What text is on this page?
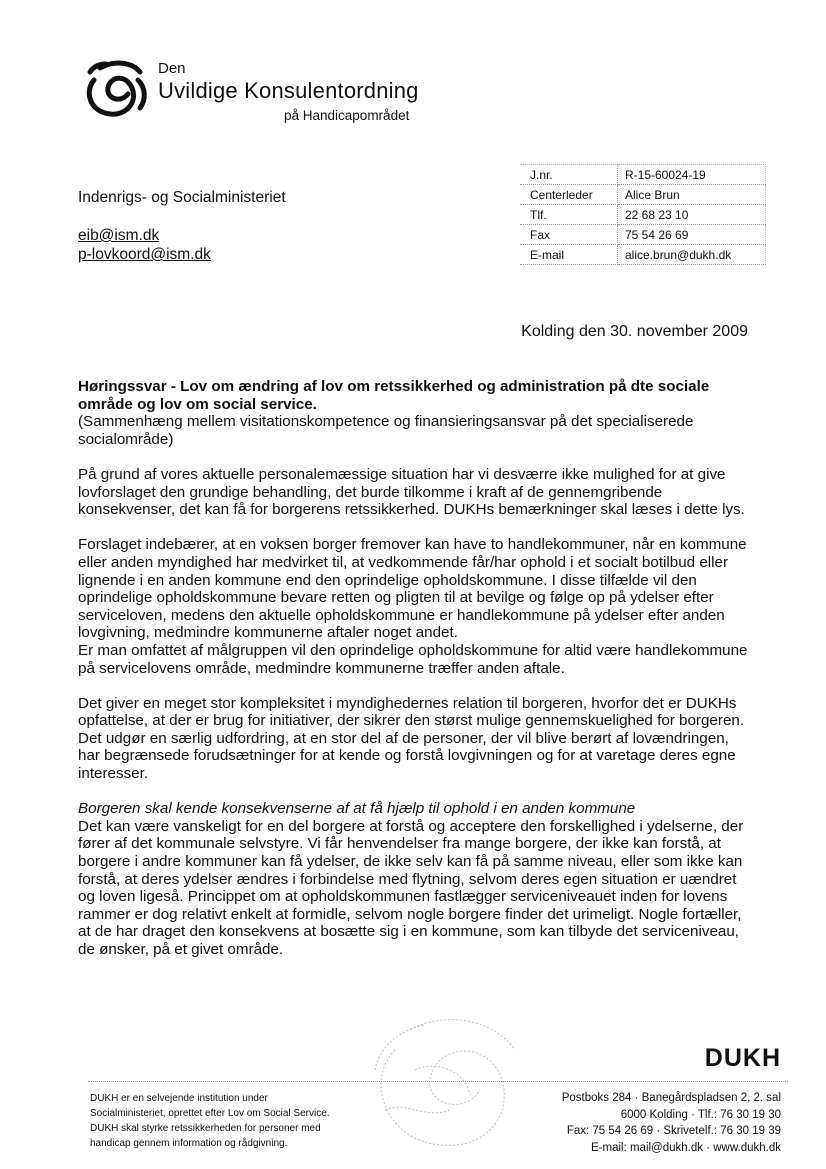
Den
Uvildige Konsulentordning
på Handicapområdet
Indenrigs- og Socialministeriet
eib@ism.dk
p-lovkoord@ism.dk
J.nr.	R-15-60024-19
Centerleder	Alice Brun
Tlf.	22 68 23 10
Fax	75 54 26 69
E-mail	alice.brun@dukh.dk
Kolding den 30. november 2009
Høringssvar - Lov om ændring af lov om retssikkerhed og administration på dte sociale område og lov om social service.
(Sammenhæng mellem visitationskompetence og finansieringsansvar på det specialiserede socialområde)

På grund af vores aktuelle personalemæssige situation har vi desværre ikke mulighed for at give lovforslaget den grundige behandling, det burde tilkomme i kraft af de gennemgribende konsekvenser, det kan få for borgerens retssikkerhed. DUKHs bemærkninger skal læses i dette lys.

Forslaget indebærer, at en voksen borger fremover kan have to handlekommuner, når en kommune eller anden myndighed har medvirket til, at vedkommende får/har ophold i et socialt botilbud eller lignende i en anden kommune end den oprindelige opholdskommune. I disse tilfælde vil den oprindelige opholdskommune bevare retten og pligten til at bevilge og følge op på ydelser efter serviceloven, medens den aktuelle opholdskommune er handlekommune på ydelser efter anden lovgivning, medmindre kommunerne aftaler noget andet.

Er man omfattet af målgruppen vil den oprindelige opholdskommune for altid være handlekommune på servicelovens område, medmindre kommunerne træffer anden aftale.

Det giver en meget stor kompleksitet i myndighedernes relation til borgeren, hvorfor det er DUKHs opfattelse, at der er brug for initiativer, der sikrer den størst mulige gennemskuelighed for borgeren. Det udgør en særlig udfordring, at en stor del af de personer, der vil blive berørt af lovændringen, har begrænsede forudsætninger for at kende og forstå lovgivningen og for at varetage deres egne interesser.

Borgeren skal kende konsekvenserne af at få hjælp til ophold i en anden kommune

Det kan være vanskeligt for en del borgere at forstå og acceptere den forskellighed i ydelserne, der fører af det kommunale selvstyre. Vi får henvendelser fra mange borgere, der ikke kan forstå, at borgere i andre kommuner kan få ydelser, de ikke selv kan få på samme niveau, eller som ikke kan forstå, at deres ydelser ændres i forbindelse med flytning, selvom deres egen situation er uændret og loven ligeså. Princippet om at opholdskommunen fastlægger serviceniveauet inden for lovens rammer er dog relativt enkelt at formidle, selvom nogle borgere finder det urimeligt. Nogle fortæller, at de har draget den konsekvens at bosætte sig i en kommune, som kan tilbyde det serviceniveau, de ønsker, på et givet område.

DUKH
DUKH er en selvejende institution under
Socialministeriet, oprettet efter Lov om Social Service.
DUKH skal styrke retssikkerheden for personer med
handicap gennem information og rådgivning.
Postboks 284 · Banegårdspladsen 2, 2. sal
6000 Kolding · Tlf.: 76 30 19 30
Fax: 75 54 26 69 · Skrivetelf.: 76 30 19 39
E-mail: mail@dukh.dk · www.dukh.dk
